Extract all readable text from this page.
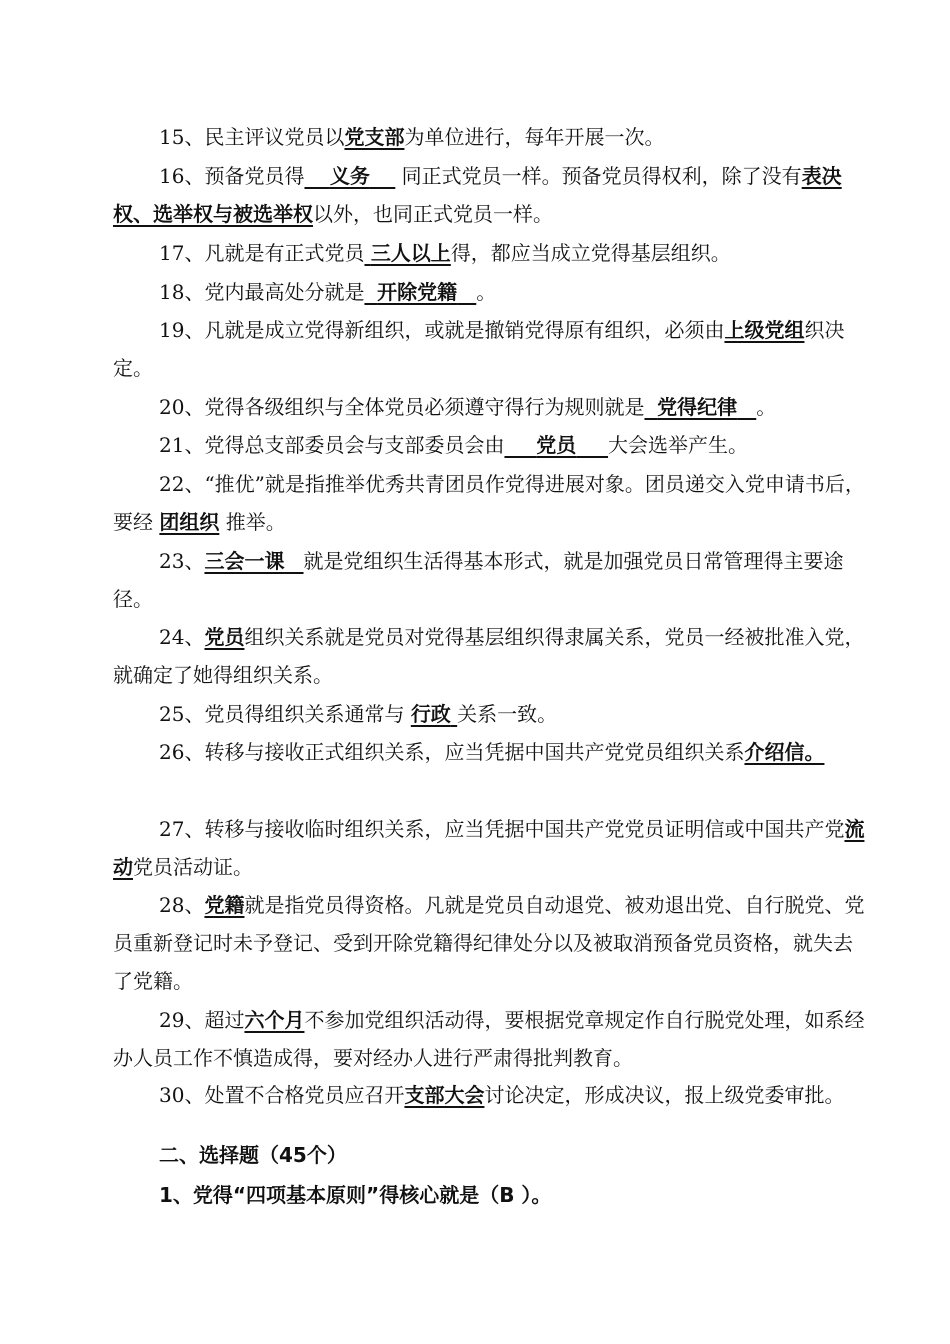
15、民主评议党员以党支部为单位进行，每年开展一次。

16、预备党员得 义务     同正式党员一样。预备党员得权利，除了没有表决权、选举权与被选举权以外，也同正式党员一样。

17、凡就是有正式党员 三人以上得，都应当成立党得基层组织。

18、党内最高处分就是 开除党籍 。

19、凡就是成立党得新组织，或就是撤销党得原有组织，必须由上级党组织决定。

20、党得各级组织与全体党员必须遵守得行为规则就是 党得纪律 。

21、党得总支部委员会与支部委员会由 党员 大会选举产生。

22、“推优”就是指推举优秀共青团员作党得进展对象。团员递交入党申请书后，要经 团组织 推举。

23、三会一课 就是党组织生活得基本形式，就是加强党员日常管理得主要途径。

24、党员组织关系就是党员对党得基层组织得隶属关系，党员一经被批准入党，就确定了她得组织关系。

25、党员得组织关系通常与 行政 关系一致。

26、转移与接收正式组织关系，应当凭据中国共产党党员组织关系介绍信。

27、转移与接收临时组织关系，应当凭据中国共产党党员证明信或中国共产党流动党员活动证。

28、党籍就是指党员得资格。凡就是党员自动退党、被劝退出党、自行脱党、党员重新登记时未予登记、受到开除党籍得纪律处分以及被取消预备党员资格，就失去了党籍。

29、超过六个月不参加党组织活动得，要根据党章规定作自行脱党处理，如系经办人员工作不慎造成得，要对经办人进行严肃得批判教育。

30、处置不合格党员应召开支部大会讨论决定，形成决议，报上级党委审批。

二、选择题（45个）

1、党得“四项基本原则”得核心就是（B ）。
